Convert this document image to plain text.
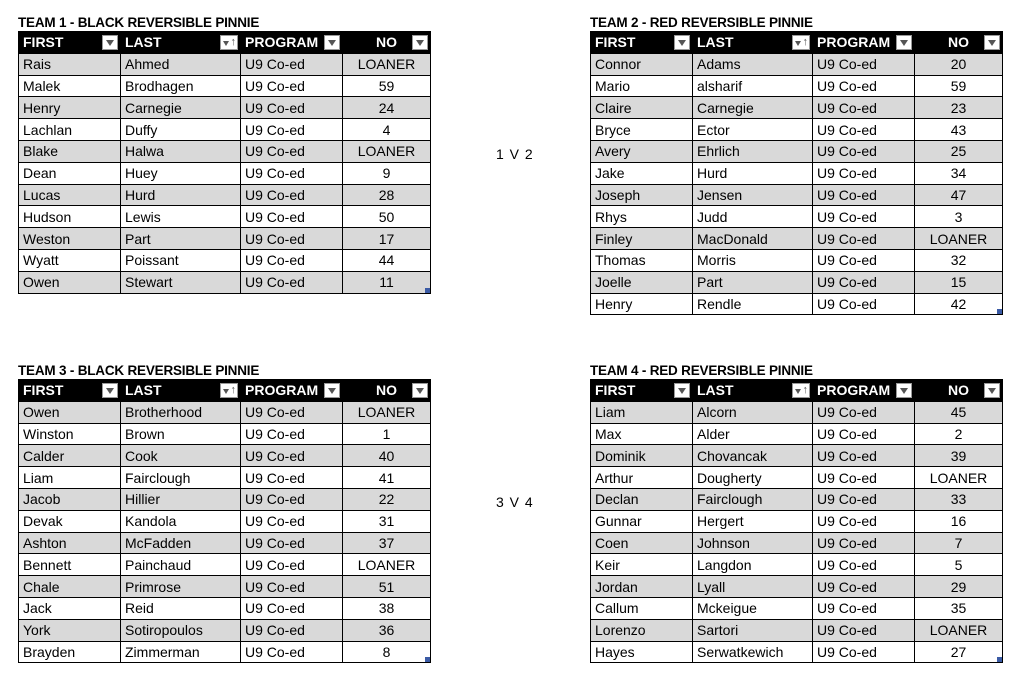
TEAM 1 - BLACK REVERSIBLE PINNIE
FIRST	LAST ↑	PROGRAM	NO

Rais	Ahmed	U9 Co-ed	LOANER
Malek	Brodhagen	U9 Co-ed	59
Henry	Carnegie	U9 Co-ed	24
Lachlan	Duffy	U9 Co-ed	4
Blake	Halwa	U9 Co-ed	LOANER
Dean	Huey	U9 Co-ed	9
Lucas	Hurd	U9 Co-ed	28
Hudson	Lewis	U9 Co-ed	50
Weston	Part	U9 Co-ed	17
Wyatt	Poissant	U9 Co-ed	44
Owen	Stewart	U9 Co-ed	11
TEAM 2 - RED REVERSIBLE PINNIE
FIRST	LAST ↑	PROGRAM	NO

Connor	Adams	U9 Co-ed	20
Mario	alsharif	U9 Co-ed	59
Claire	Carnegie	U9 Co-ed	23
Bryce	Ector	U9 Co-ed	43
Avery	Ehrlich	U9 Co-ed	25
Jake	Hurd	U9 Co-ed	34
Joseph	Jensen	U9 Co-ed	47
Rhys	Judd	U9 Co-ed	3
Finley	MacDonald	U9 Co-ed	LOANER
Thomas	Morris	U9 Co-ed	32
Joelle	Part	U9 Co-ed	15
Henry	Rendle	U9 Co-ed	42
TEAM 3 - BLACK REVERSIBLE PINNIE
FIRST	LAST ↑	PROGRAM	NO

Owen	Brotherhood	U9 Co-ed	LOANER
Winston	Brown	U9 Co-ed	1
Calder	Cook	U9 Co-ed	40
Liam	Fairclough	U9 Co-ed	41
Jacob	Hillier	U9 Co-ed	22
Devak	Kandola	U9 Co-ed	31
Ashton	McFadden	U9 Co-ed	37
Bennett	Painchaud	U9 Co-ed	LOANER
Chale	Primrose	U9 Co-ed	51
Jack	Reid	U9 Co-ed	38
York	Sotiropoulos	U9 Co-ed	36
Brayden	Zimmerman	U9 Co-ed	8
TEAM 4 - RED REVERSIBLE PINNIE
FIRST	LAST ↑	PROGRAM	NO

Liam	Alcorn	U9 Co-ed	45
Max	Alder	U9 Co-ed	2
Dominik	Chovancak	U9 Co-ed	39
Arthur	Dougherty	U9 Co-ed	LOANER
Declan	Fairclough	U9 Co-ed	33
Gunnar	Hergert	U9 Co-ed	16
Coen	Johnson	U9 Co-ed	7
Keir	Langdon	U9 Co-ed	5
Jordan	Lyall	U9 Co-ed	29
Callum	Mckeigue	U9 Co-ed	35
Lorenzo	Sartori	U9 Co-ed	LOANER
Hayes	Serwatkewich	U9 Co-ed	27
1 V 2
3 V 4
